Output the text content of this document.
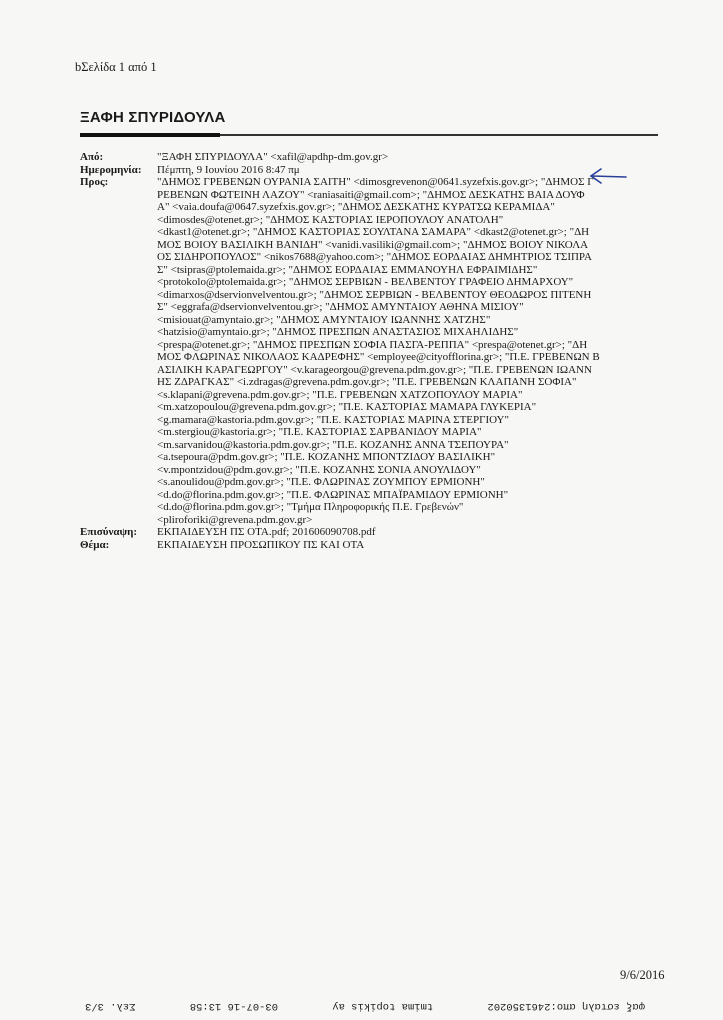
bΣελίδα 1 από 1
ΞΑΦΗ ΣΠΥΡΙΔΟΥΛΑ
Από:	"ΞΑΦΗ ΣΠΥΡΙΔΟΥΛΑ" <xafil@apdhp-dm.gov.gr>
Ημερομηνία:	Πέμπτη, 9 Ιουνίου 2016 8:47 πμ
Προς:	"ΔΗΜΟΣ ΓΡΕΒΕΝΩΝ ΟΥΡΑΝΙΑ ΣΑΙΤΗ" <dimosgrevenon@0641.syzefxis.gov.gr>; "ΔΗΜΟΣ Γ
ΡΕΒΕΝΩΝ ΦΩΤΕΙΝΗ ΛΑΖΟΥ" <raniasaiti@gmail.com>; "ΔΗΜΟΣ ΔΕΣΚΑΤΗΣ ΒΑΙΑ ΔΟΥΦ
Α" <vaia.doufa@0647.syzefxis.gov.gr>; "ΔΗΜΟΣ ΔΕΣΚΑΤΗΣ ΚΥΡΑΤΣΩ ΚΕΡΑΜΙΔΑ"
<dimosdes@otenet.gr>; "ΔΗΜΟΣ ΚΑΣΤΟΡΙΑΣ ΙΕΡΟΠΟΥΛΟΥ ΑΝΑΤΟΛΗ"
<dkast1@otenet.gr>; "ΔΗΜΟΣ ΚΑΣΤΟΡΙΑΣ ΣΟΥΛΤΑΝΑ ΣΑΜΑΡΑ" <dkast2@otenet.gr>; "ΔΗ
ΜΟΣ ΒΟΙΟΥ ΒΑΣΙΛΙΚΗ ΒΑΝΙΔΗ" <vanidi.vasiliki@gmail.com>; "ΔΗΜΟΣ ΒΟΙΟΥ ΝΙΚΟΛΑ
ΟΣ ΣΙΔΗΡΟΠΟΥΛΟΣ" <nikos7688@yahoo.com>; "ΔΗΜΟΣ ΕΟΡΔΑΙΑΣ ΔΗΜΗΤΡΙΟΣ ΤΣΙΠΡΑ
Σ" <tsipras@ptolemaida.gr>; "ΔΗΜΟΣ ΕΟΡΔΑΙΑΣ ΕΜΜΑΝΟΥΗΛ ΕΦΡΑΙΜΙΔΗΣ"
<protokolo@ptolemaida.gr>; "ΔΗΜΟΣ ΣΕΡΒΙΩΝ - ΒΕΛΒΕΝΤΟΥ ΓΡΑΦΕΙΟ ΔΗΜΑΡΧΟΥ"
<dimarxos@dservionvelventou.gr>; "ΔΗΜΟΣ ΣΕΡΒΙΩΝ - ΒΕΛΒΕΝΤΟΥ ΘΕΟΔΩΡΟΣ ΠΙΤΕΝΗ
Σ" <eggrafa@dservionvelventou.gr>; "ΔΗΜΟΣ ΑΜΥΝΤΑΙΟΥ ΑΘΗΝΑ ΜΙΣΙΟΥ"
<misiouat@amyntaio.gr>; "ΔΗΜΟΣ ΑΜΥΝΤΑΙΟΥ ΙΩΑΝΝΗΣ ΧΑΤΖΗΣ"
<hatzisio@amyntaio.gr>; "ΔΗΜΟΣ ΠΡΕΣΠΩΝ ΑΝΑΣΤΑΣΙΟΣ ΜΙΧΑΗΛΙΔΗΣ"
<prespa@otenet.gr>; "ΔΗΜΟΣ ΠΡΕΣΠΩΝ ΣΟΦΙΑ ΠΑΣΓΑ-ΡΕΠΠΑ" <prespa@otenet.gr>; "ΔΗ
ΜΟΣ ΦΛΩΡΙΝΑΣ ΝΙΚΟΛΑΟΣ ΚΑΔΡΕΦΗΣ" <employee@cityofflorina.gr>; "Π.Ε. ΓΡΕΒΕΝΩΝ Β
ΑΣΙΛΙΚΗ ΚΑΡΑΓΕΩΡΓΟΥ" <v.karageorgou@grevena.pdm.gov.gr>; "Π.Ε. ΓΡΕΒΕΝΩΝ ΙΩΑΝΝ
ΗΣ ΖΔΡΑΓΚΑΣ" <i.zdragas@grevena.pdm.gov.gr>; "Π.Ε. ΓΡΕΒΕΝΩΝ ΚΛΑΠΑΝΗ ΣΟΦΙΑ"
<s.klapani@grevena.pdm.gov.gr>; "Π.Ε. ΓΡΕΒΕΝΩΝ ΧΑΤΖΟΠΟΥΛΟΥ ΜΑΡΙΑ"
<m.xatzopoulou@grevena.pdm.gov.gr>; "Π.Ε. ΚΑΣΤΟΡΙΑΣ ΜΑΜΑΡΑ ΓΛΥΚΕΡΙΑ"
<g.mamara@kastoria.pdm.gov.gr>; "Π.Ε. ΚΑΣΤΟΡΙΑΣ ΜΑΡΙΝΑ ΣΤΕΡΓΙΟΥ"
<m.stergiou@kastoria.gr>; "Π.Ε. ΚΑΣΤΟΡΙΑΣ ΣΑΡΒΑΝΙΔΟΥ ΜΑΡΙΑ"
<m.sarvanidou@kastoria.pdm.gov.gr>; "Π.Ε. ΚΟΖΑΝΗΣ ΑΝΝΑ ΤΣΕΠΟΥΡΑ"
<a.tsepoura@pdm.gov.gr>; "Π.Ε. ΚΟΖΑΝΗΣ ΜΠΟΝΤΖΙΔΟΥ ΒΑΣΙΛΙΚΗ"
<v.mpontzidou@pdm.gov.gr>; "Π.Ε. ΚΟΖΑΝΗΣ ΣΟΝΙΑ ΑΝΟΥΛΙΔΟΥ"
<s.anoulidou@pdm.gov.gr>; "Π.Ε. ΦΛΩΡΙΝΑΣ ΖΟΥΜΠΟΥ ΕΡΜΙΟΝΗ"
<d.do@florina.pdm.gov.gr>; "Π.Ε. ΦΛΩΡΙΝΑΣ ΜΠΑΪΡΑΜΙΔΟΥ ΕΡΜΙΟΝΗ"
<d.do@florina.pdm.gov.gr>; "Τμήμα Πληροφορικής Π.Ε. Γρεβενών"
<pliroforiki@grevena.pdm.gov.gr>
Επισύναψη:	ΕΚΠΑΙΔΕΥΣΗ ΠΣ ΟΤΑ.pdf; 201606090708.pdf
Θέμα:	ΕΚΠΑΙΔΕΥΣΗ ΠΡΟΣΩΠΙΚΟΥ ΠΣ ΚΑΙ ΟΤΑ
9/6/2016
φαξ εσταλη απο:2461350202
tmima topikis ay
03-07-16 13:58
Σελ. 3/3
